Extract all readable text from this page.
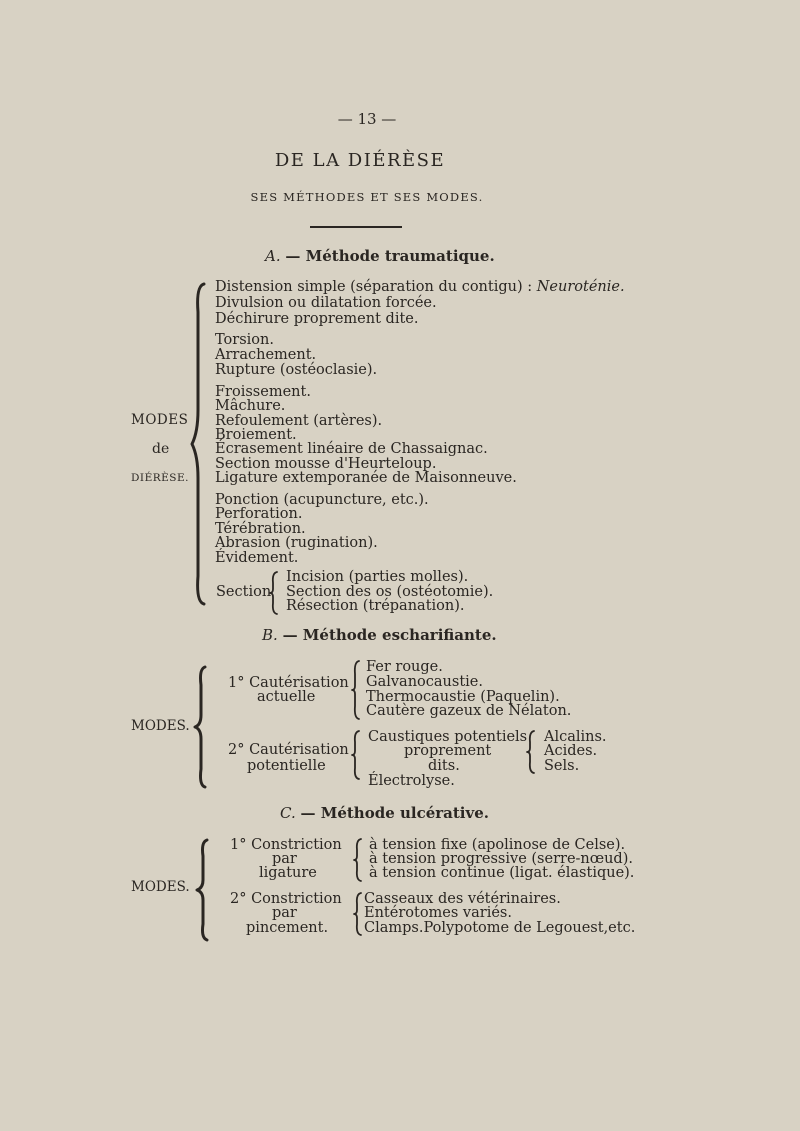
— 13 —
DE LA DIÉRÈSE
SES MÉTHODES ET SES MODES.
A. — Méthode traumatique.
MODES
de
DIÉRÈSE.
Distension simple (séparation du contigu) : Neuroténie.
Divulsion ou dilatation forcée.
Déchirure proprement dite.
Torsion.
Arrachement.
Rupture (ostéoclasie).
Froissement.
Mâchure.
Refoulement (artères).
Broiement.
Écrasement linéaire de Chassaignac.
Section mousse d'Heurteloup.
Ligature extemporanée de Maisonneuve.
Ponction (acupuncture, etc.).
Perforation.
Térébration.
Abrasion (rugination).
Évidement.
Section
Incision (parties molles).
Section des os (ostéotomie).
Résection (trépanation).
B. — Méthode escharifiante.
MODES.
1° Cautérisation
actuelle
Fer rouge.
Galvanocaustie.
Thermocaustie (Paquelin).
Cautère gazeux de Nélaton.
2° Cautérisation
potentielle
Caustiques potentiels
proprement
dits.
Électrolyse.
Alcalins.
Acides.
Sels.
C. — Méthode ulcérative.
MODES.
1° Constriction
par
ligature
à tension fixe (apolinose de Celse).
à tension progressive (serre-nœud).
à tension continue (ligat. élastique).
2° Constriction
par
pincement.
Casseaux des vétérinaires.
Entérotomes variés.
Clamps.Polypotome de Legouest,etc.
